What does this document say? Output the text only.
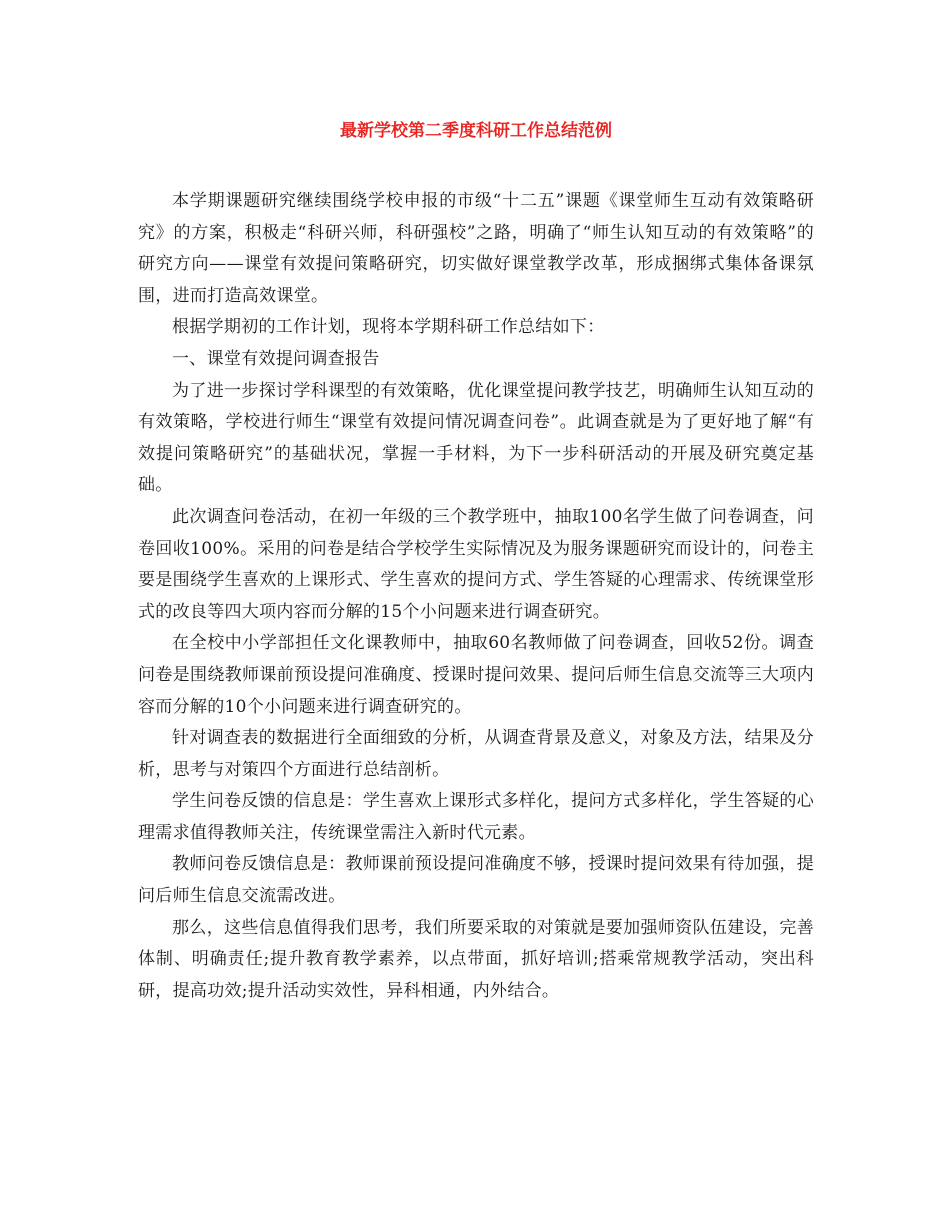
最新学校第二季度科研工作总结范例

本学期课题研究继续围绕学校申报的市级“十二五”课题《课堂师生互动有效策略研究》的方案，积极走“科研兴师，科研强校”之路，明确了“师生认知互动的有效策略”的研究方向——课堂有效提问策略研究，切实做好课堂教学改革，形成捆绑式集体备课氛围，进而打造高效课堂。

根据学期初的工作计划，现将本学期科研工作总结如下：

一、课堂有效提问调查报告

为了进一步探讨学科课型的有效策略，优化课堂提问教学技艺，明确师生认知互动的有效策略，学校进行师生“课堂有效提问情况调查问卷”。此调查就是为了更好地了解“有效提问策略研究”的基础状况，掌握一手材料，为下一步科研活动的开展及研究奠定基础。

此次调查问卷活动，在初一年级的三个教学班中，抽取100名学生做了问卷调查，问卷回收100%。采用的问卷是结合学校学生实际情况及为服务课题研究而设计的，问卷主要是围绕学生喜欢的上课形式、学生喜欢的提问方式、学生答疑的心理需求、传统课堂形式的改良等四大项内容而分解的15个小问题来进行调查研究。

在全校中小学部担任文化课教师中，抽取60名教师做了问卷调查，回收52份。调查问卷是围绕教师课前预设提问准确度、授课时提问效果、提问后师生信息交流等三大项内容而分解的10个小问题来进行调查研究的。

针对调查表的数据进行全面细致的分析，从调查背景及意义，对象及方法，结果及分析，思考与对策四个方面进行总结剖析。

学生问卷反馈的信息是：学生喜欢上课形式多样化，提问方式多样化，学生答疑的心理需求值得教师关注，传统课堂需注入新时代元素。

教师问卷反馈信息是：教师课前预设提问准确度不够，授课时提问效果有待加强，提问后师生信息交流需改进。

那么，这些信息值得我们思考，我们所要采取的对策就是要加强师资队伍建设，完善体制、明确责任;提升教育教学素养，以点带面，抓好培训;搭乘常规教学活动，突出科研，提高功效;提升活动实效性，异科相通，内外结合。
